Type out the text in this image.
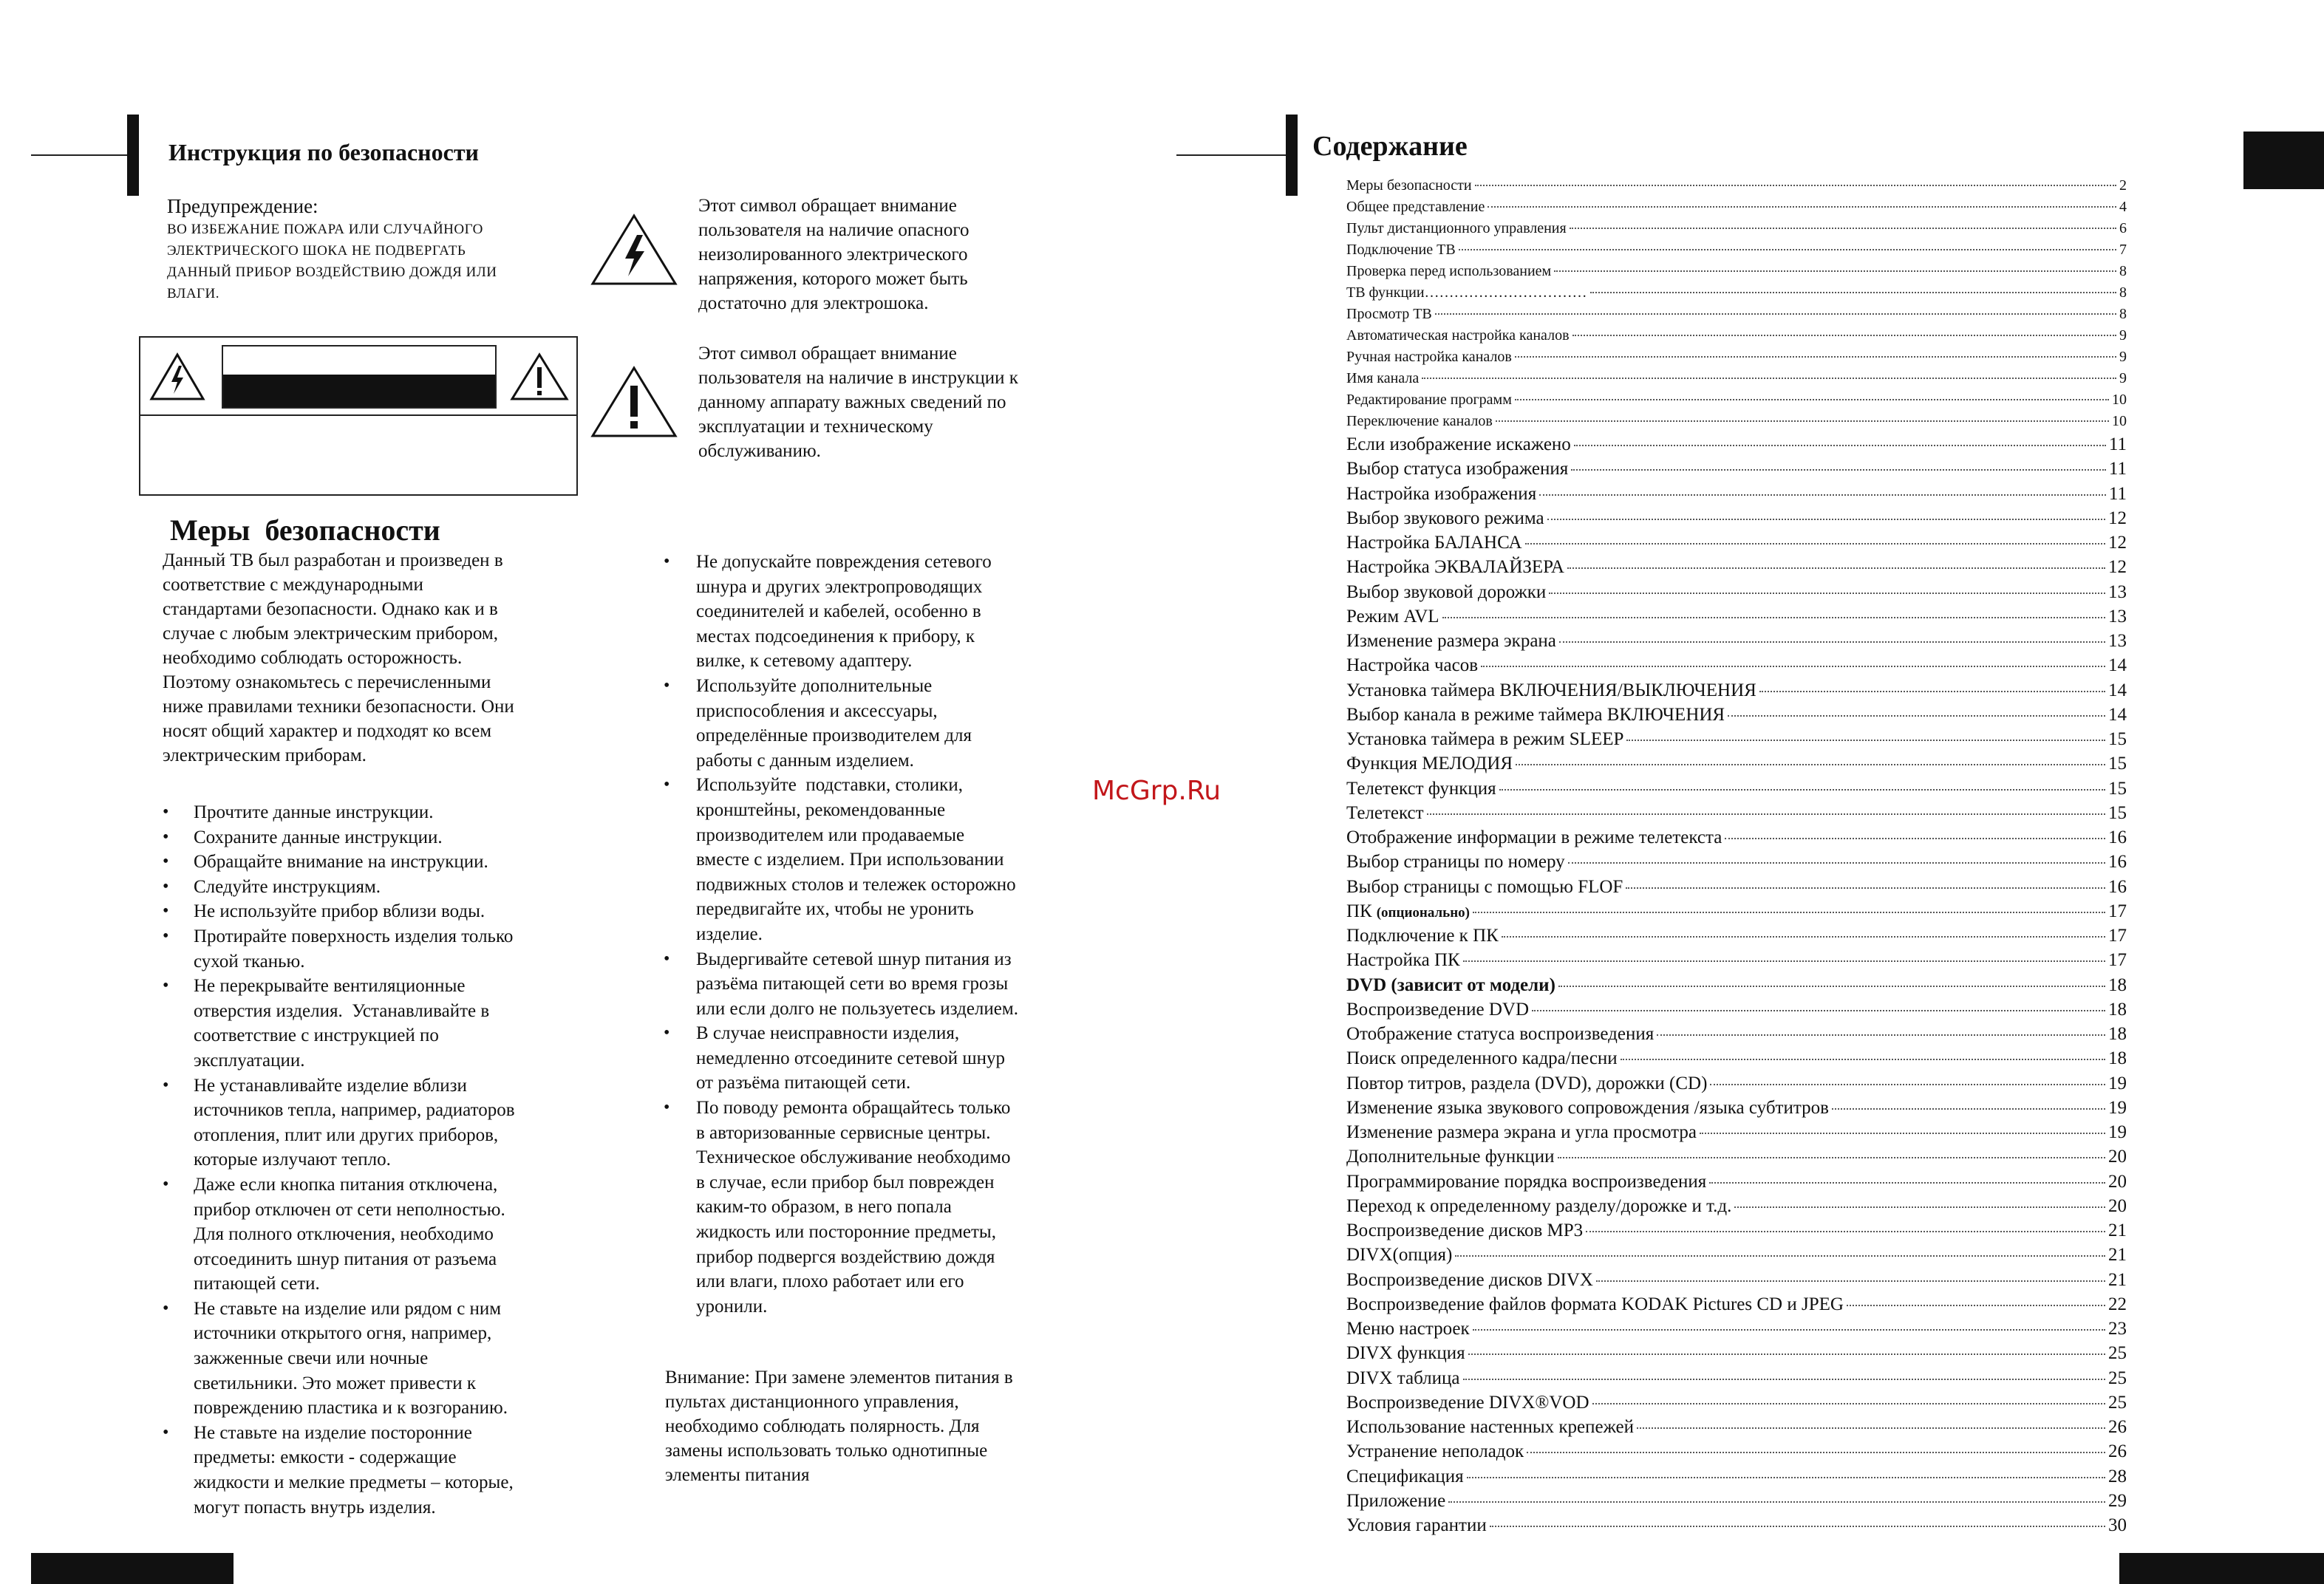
Инструкция по безопасности
Предупреждение:
ВО ИЗБЕЖАНИЕ ПОЖАРА ИЛИ СЛУЧАЙНОГО
ЭЛЕКТРИЧЕСКОГО ШОКА НЕ ПОДВЕРГАТЬ
ДАННЫЙ ПРИБОР ВОЗДЕЙСТВИЮ ДОЖДЯ ИЛИ
ВЛАГИ.
Этот символ обращает внимание
пользователя на наличие опасного
неизолированного электрического
напряжения, которого может быть
достаточно для электрошока.
Этот символ обращает внимание
пользователя на наличие в инструкции к
данному аппарату важных сведений по
эксплуатации и техническому
обслуживанию.
Меры  безопасности
Данный ТВ был разработан и произведен в
соответствие с международными
стандартами безопасности. Однако как и в
случае с любым электрическим прибором,
необходимо соблюдать осторожность.
Поэтому ознакомьтесь с перечисленными
ниже правилами техники безопасности. Они
носят общий характер и подходят ко всем
электрическим приборам.
• Прочтите данные инструкции.
• Сохраните данные инструкции.
• Обращайте внимание на инструкции.
• Следуйте инструкциям.
• Не используйте прибор вблизи воды.
• Протирайте поверхность изделия только
сухой тканью.
• Не перекрывайте вентиляционные
отверстия изделия.  Устанавливайте в
соответствие с инструкцией по
эксплуатации.
• Не устанавливайте изделие вблизи
источников тепла, например, радиаторов
отопления, плит или других приборов,
которые излучают тепло.
• Даже если кнопка питания отключена,
прибор отключен от сети неполностью.
Для полного отключения, необходимо
отсоединить шнур питания от разъема
питающей сети.
• Не ставьте на изделие или рядом с ним
источники открытого огня, например,
зажженные свечи или ночные
светильники. Это может привести к
повреждению пластика и к возгоранию.
• Не ставьте на изделие посторонние
предметы: емкости - содержащие
жидкости и мелкие предметы – которые,
могут попасть внутрь изделия.
• Не допускайте повреждения сетевого
шнура и других электропроводящих
соединителей и кабелей, особенно в
местах подсоединения к прибору, к
вилке, к сетевому адаптеру.
• Используйте дополнительные
приспособления и аксессуары,
определённые производителем для
работы с данным изделием.
• Используйте  подставки, столики,
кронштейны, рекомендованные
производителем или продаваемые
вместе с изделием. При использовании
подвижных столов и тележек осторожно
передвигайте их, чтобы не уронить
изделие.
• Выдергивайте сетевой шнур питания из
разъёма питающей сети во время грозы
или если долго не пользуетесь изделием.
• В случае неисправности изделия,
немедленно отсоедините сетевой шнур
от разъёма питающей сети.
• По поводу ремонта обращайтесь только
в авторизованные сервисные центры.
Техническое обслуживание необходимо
в случае, если прибор был поврежден
каким-то образом, в него попала
жидкость или посторонние предметы,
прибор подвергся воздействию дождя
или влаги, плохо работает или его
уронили.
Внимание: При замене элементов питания в
пультах дистанционного управления,
необходимо соблюдать полярность. Для
замены использовать только однотипные
элементы питания
McGrp.Ru
Содержание
Меры безопасности	2
Общее представление	4
Пульт дистанционного управления	6
Подключение ТВ	7
Проверка перед использованием	8
ТВ функции……………………………	8
Просмотр ТВ	8
Автоматическая настройка каналов	9
Ручная настройка каналов	9
Имя канала	9
Редактирование программ	10
Переключение каналов	10
Если изображение искажено	11
Выбор статуса изображения	11
Настройка изображения	11
Выбор звукового режима	12
Настройка БАЛАНСА	12
Настройка ЭКВАЛАЙЗЕРА	12
Выбор звуковой дорожки	13
Режим AVL	13
Изменение размера экрана	13
Настройка часов	14
Установка таймера ВКЛЮЧЕНИЯ/ВЫКЛЮЧЕНИЯ	14
Выбор канала в режиме таймера ВКЛЮЧЕНИЯ	14
Установка таймера в режим SLEEP	15
Функция МЕЛОДИЯ	15
Телетекст функция	15
Телетекст	15
Отображение информации в режиме телетекста	16
Выбор страницы по номеру	16
Выбор страницы с помощью FLOF	16
ПК (опционально)	17
Подключение к ПК	17
Настройка ПК	17
DVD (зависит от модели)	18
Воспроизведение DVD	18
Отображение статуса воспроизведения	18
Поиск определенного кадра/песни	18
Повтор титров, раздела (DVD), дорожки (CD)	19
Изменение языка звукового сопровождения /языка субтитров	19
Изменение размера экрана и угла просмотра	19
Дополнительные функции	20
Программирование порядка воспроизведения	20
Переход к определенному разделу/дорожке и т.д.	20
Воспроизведение дисков MP3	21
DIVX(опция)	21
Воспроизведение дисков DIVX	21
Воспроизведение файлов формата KODAK Pictures CD и JPEG	22
Меню настроек	23
DIVX функция	25
DIVX таблица	25
Воспроизведение DIVX®VOD	25
Использование настенных крепежей	26
Устранение неполадок	26
Спецификация	28
Приложение	29
Условия гарантии	30
